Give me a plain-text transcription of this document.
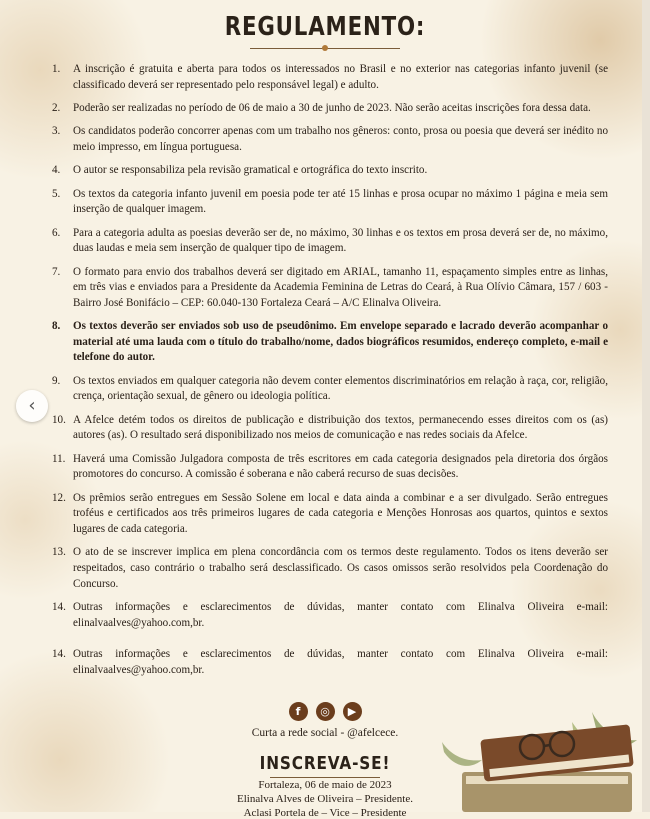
REGULAMENTO:
1. A inscrição é gratuita e aberta para todos os interessados no Brasil e no exterior nas categorias infanto juvenil (se classificado deverá ser representado pelo responsável legal) e adulto.
2. Poderão ser realizadas no período de 06 de maio a 30 de junho de 2023. Não serão aceitas inscrições fora dessa data.
3. Os candidatos poderão concorrer apenas com um trabalho nos gêneros: conto, prosa ou poesia que deverá ser inédito no meio impresso, em língua portuguesa.
4. O autor se responsabiliza pela revisão gramatical e ortográfica do texto inscrito.
5. Os textos da categoria infanto juvenil em poesia pode ter até 15 linhas e prosa ocupar no máximo 1 página e meia sem inserção de qualquer imagem.
6. Para a categoria adulta as poesias deverão ser de, no máximo, 30 linhas e os textos em prosa deverá ser de, no máximo, duas laudas e meia sem inserção de qualquer tipo de imagem.
7. O formato para envio dos trabalhos deverá ser digitado em ARIAL, tamanho 11, espaçamento simples entre as linhas, em três vias e enviados para a Presidente da Academia Feminina de Letras do Ceará, à Rua Olívio Câmara, 157 / 603 - Bairro José Bonifácio – CEP: 60.040-130 Fortaleza Ceará – A/C Elinalva Oliveira.
8. Os textos deverão ser enviados sob uso de pseudônimo. Em envelope separado e lacrado deverão acompanhar o material até uma lauda com o título do trabalho/nome, dados biográficos resumidos, endereço completo, e-mail e telefone do autor.
9. Os textos enviados em qualquer categoria não devem conter elementos discriminatórios em relação à raça, cor, religião, crença, orientação sexual, de gênero ou ideologia política.
10. A Afelce detém todos os direitos de publicação e distribuição dos textos, permanecendo esses direitos com os (as) autores (as). O resultado será disponibilizado nos meios de comunicação e nas redes sociais da Afelce.
11. Haverá uma Comissão Julgadora composta de três escritores em cada categoria designados pela diretoria dos órgãos promotores do concurso. A comissão é soberana e não caberá recurso de suas decisões.
12. Os prêmios serão entregues em Sessão Solene em local e data ainda a combinar e a ser divulgado. Serão entregues troféus e certificados aos três primeiros lugares de cada categoria e Menções Honrosas aos quartos, quintos e sextos lugares de cada categoria.
13. O ato de se inscrever implica em plena concordância com os termos deste regulamento. Todos os itens deverão ser respeitados, caso contrário o trabalho será desclassificado. Os casos omissos serão resolvidos pela Coordenação do Concurso.
14. Outras informações e esclarecimentos de dúvidas, manter contato com Elinalva Oliveira e-mail: elinalvaalves@yahoo.com,br.
‹
f ◎ ▶
Curta a rede social - @afelcece.
INSCREVA-SE!
Fortaleza, 06 de maio de 2023
Elinalva Alves de Oliveira – Presidente.
Aclasi Portela de – Vice – Presidente
14. Outras informações e esclarecimentos de dúvidas, manter contato com Elinalva Oliveira e-mail: elinalvaalves@yahoo.com,br.
